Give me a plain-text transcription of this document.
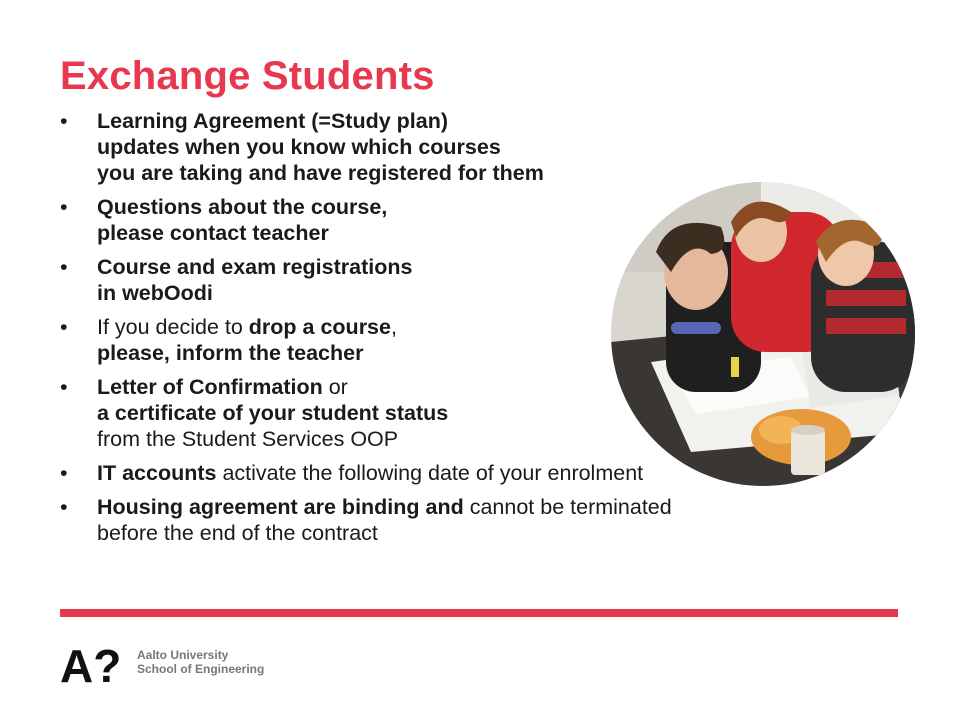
Exchange Students
• Learning Agreement (=Study plan)
updates when you know which courses
you are taking and have registered for them
• Questions about the course,
please contact teacher
• Course and exam registrations
in webOodi
• If you decide to drop a course,
please, inform the teacher
• Letter of Confirmation or
a certificate of your student status
from the Student Services OOP
• IT accounts activate the following date of your enrolment
• Housing agreement are binding and cannot be terminated
before the end of the contract
A? Aalto University
School of Engineering
